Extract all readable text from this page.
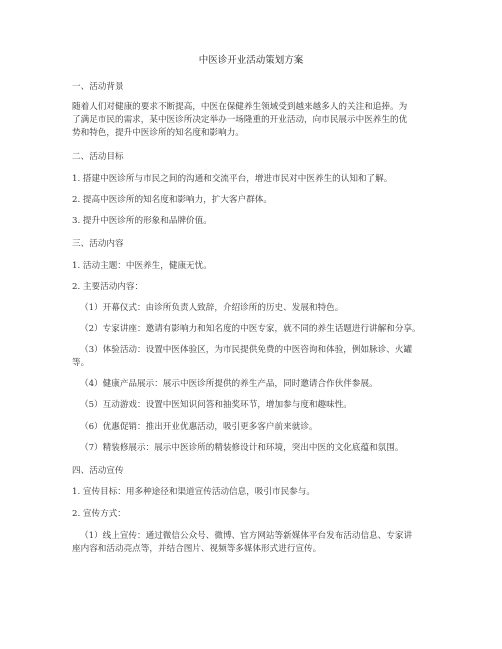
中医诊开业活动策划方案
一、活动背景
随着人们对健康的要求不断提高，中医在保健养生领域受到越来越多人的关注和追捧。为
了满足市民的需求，某中医诊所决定举办一场隆重的开业活动，向市民展示中医养生的优
势和特色，提升中医诊所的知名度和影响力。
二、活动目标
1. 搭建中医诊所与市民之间的沟通和交流平台，增进市民对中医养生的认知和了解。
2. 提高中医诊所的知名度和影响力，扩大客户群体。
3. 提升中医诊所的形象和品牌价值。
三、活动内容
1. 活动主题：中医养生，健康无忧。
2. 主要活动内容：
（1）开幕仪式：由诊所负责人致辞，介绍诊所的历史、发展和特色。
（2）专家讲座：邀请有影响力和知名度的中医专家，就不同的养生话题进行讲解和分享。
（3）体验活动：设置中医体验区，为市民提供免费的中医咨询和体验，例如脉诊、火罐
等。
（4）健康产品展示：展示中医诊所提供的养生产品，同时邀请合作伙伴参展。
（5）互动游戏：设置中医知识问答和抽奖环节，增加参与度和趣味性。
（6）优惠促销：推出开业优惠活动，吸引更多客户前来就诊。
（7）精装修展示：展示中医诊所的精装修设计和环境，突出中医的文化底蕴和氛围。
四、活动宣传
1. 宣传目标：用多种途径和渠道宣传活动信息，吸引市民参与。
2. 宣传方式：
（1）线上宣传：通过微信公众号、微博、官方网站等新媒体平台发布活动信息、专家讲
座内容和活动亮点等，并结合图片、视频等多媒体形式进行宣传。
